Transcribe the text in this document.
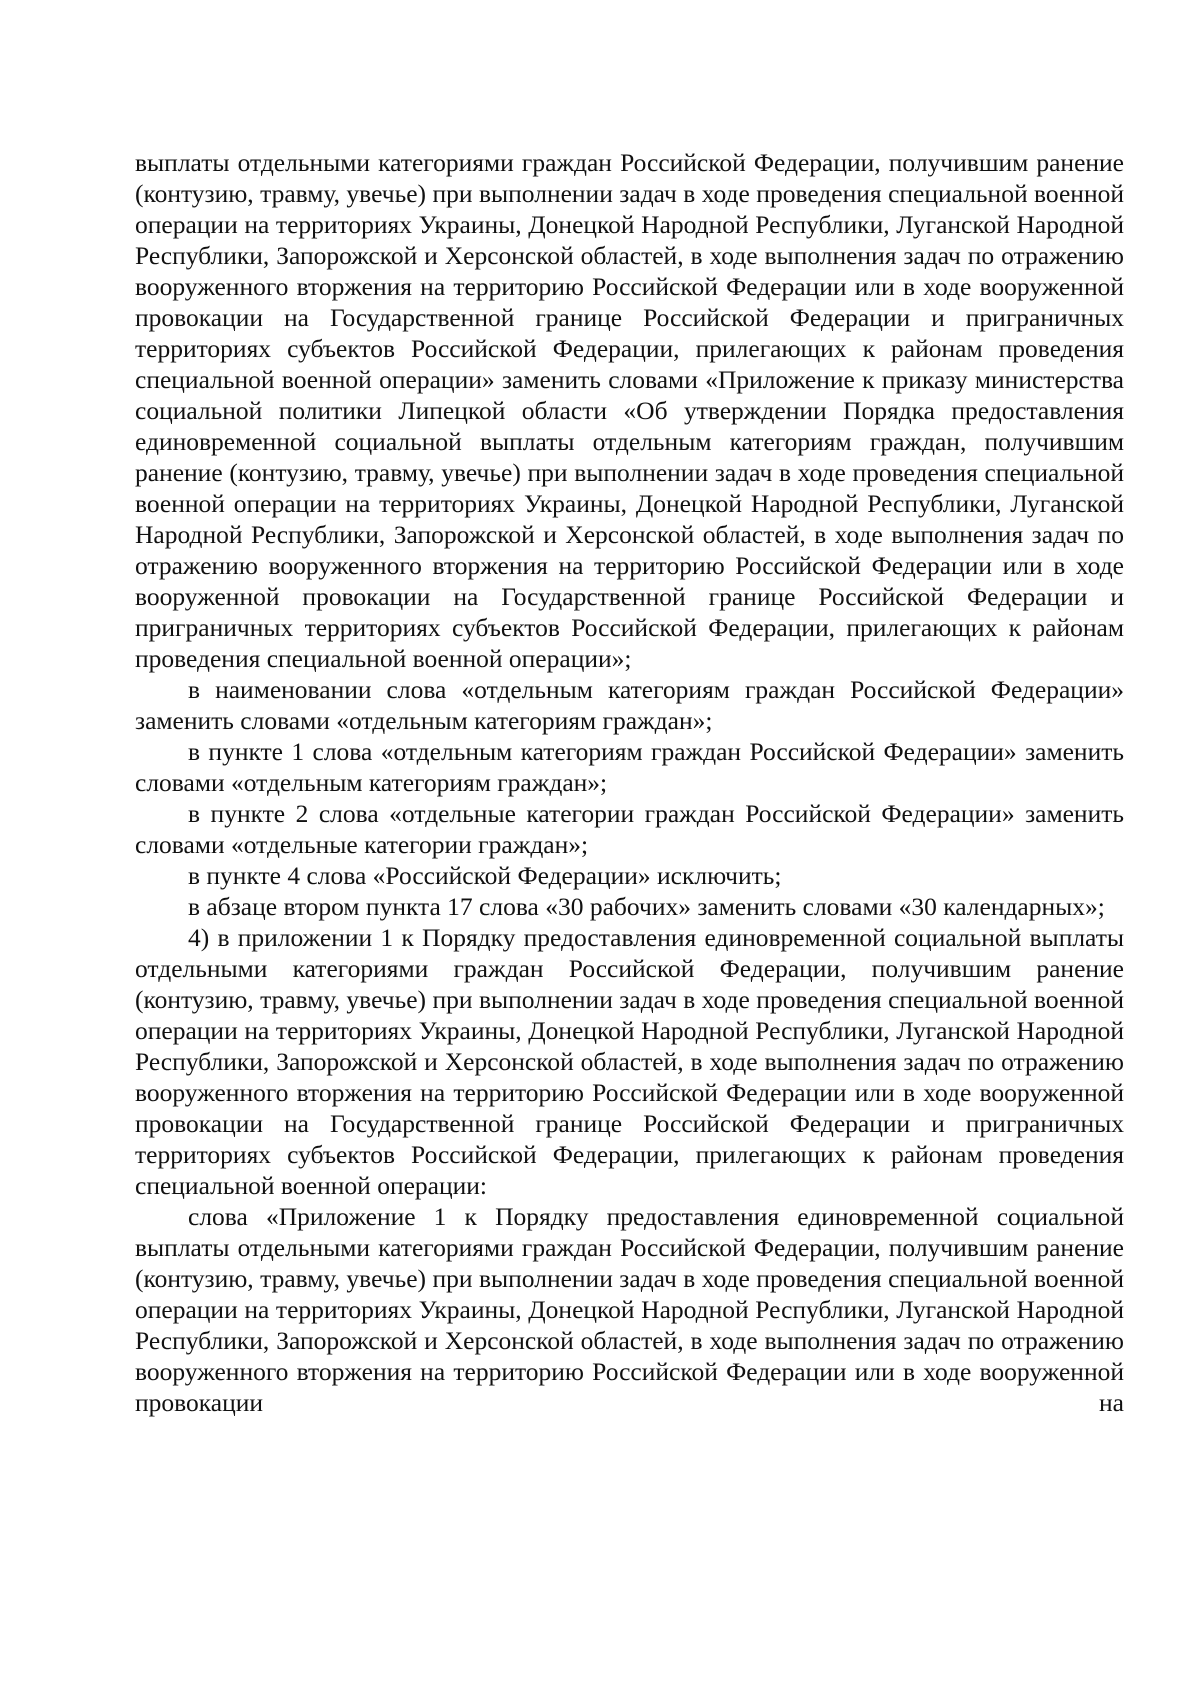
выплаты отдельными категориями граждан Российской Федерации, получившим ранение (контузию, травму, увечье) при выполнении задач в ходе проведения специальной военной операции на территориях Украины, Донецкой Народной Республики, Луганской Народной Республики, Запорожской и Херсонской областей, в ходе выполнения задач по отражению вооруженного вторжения на территорию Российской Федерации или в ходе вооруженной провокации на Государственной границе Российской Федерации и приграничных территориях субъектов Российской Федерации, прилегающих к районам проведения специальной военной операции» заменить словами «Приложение к приказу министерства социальной политики Липецкой области «Об утверждении Порядка предоставления единовременной социальной выплаты отдельным категориям граждан, получившим ранение (контузию, травму, увечье) при выполнении задач в ходе проведения специальной военной операции на территориях Украины, Донецкой Народной Республики, Луганской Народной Республики, Запорожской и Херсонской областей, в ходе выполнения задач по отражению вооруженного вторжения на территорию Российской Федерации или в ходе вооруженной провокации на Государственной границе Российской Федерации и приграничных территориях субъектов Российской Федерации, прилегающих к районам проведения специальной военной операции»;

в наименовании слова «отдельным категориям граждан Российской Федерации» заменить словами «отдельным категориям граждан»;

в пункте 1 слова «отдельным категориям граждан Российской Федерации» заменить словами «отдельным категориям граждан»;

в пункте 2 слова «отдельные категории граждан Российской Федерации» заменить словами «отдельные категории граждан»;

в пункте 4 слова «Российской Федерации» исключить;

в абзаце втором пункта 17 слова «30 рабочих» заменить словами «30 календарных»;

4) в приложении 1 к Порядку предоставления единовременной социальной выплаты отдельными категориями граждан Российской Федерации, получившим ранение (контузию, травму, увечье) при выполнении задач в ходе проведения специальной военной операции на территориях Украины, Донецкой Народной Республики, Луганской Народной Республики, Запорожской и Херсонской областей, в ходе выполнения задач по отражению вооруженного вторжения на территорию Российской Федерации или в ходе вооруженной провокации на Государственной границе Российской Федерации и приграничных территориях субъектов Российской Федерации, прилегающих к районам проведения специальной военной операции:

слова «Приложение 1 к Порядку предоставления единовременной социальной выплаты отдельными категориями граждан Российской Федерации, получившим ранение (контузию, травму, увечье) при выполнении задач в ходе проведения специальной военной операции на территориях Украины, Донецкой Народной Республики, Луганской Народной Республики, Запорожской и Херсонской областей, в ходе выполнения задач по отражению вооруженного вторжения на территорию Российской Федерации или в ходе вооруженной провокации на
